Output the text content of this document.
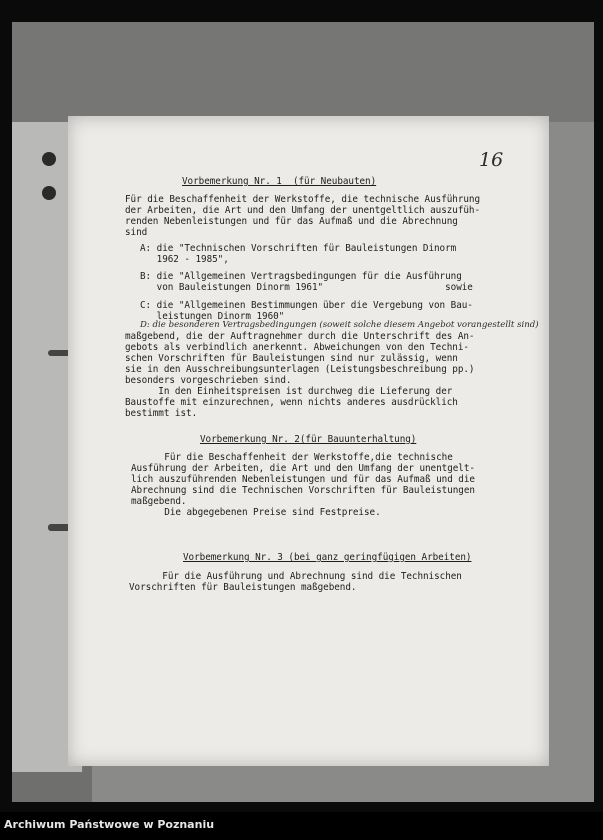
16
Vorbemerkung Nr. 1  (für Neubauten)
Für die Beschaffenheit der Werkstoffe, die technische Ausführung
der Arbeiten, die Art und den Umfang der unentgeltlich auszufüh-
renden Nebenleistungen und für das Aufmaß und die Abrechnung
sind
A: die "Technischen Vorschriften für Bauleistungen Dinorm
1962 - 1985",
B: die "Allgemeinen Vertragsbedingungen für die Ausführung
von Bauleistungen Dinorm 1961"                      sowie
C: die "Allgemeinen Bestimmungen über die Vergebung von Bau-
leistungen Dinorm 1960"
D: die besonderen Vertragsbedingungen (soweit solche diesem Angebot vorangestellt sind)
maßgebend, die der Auftragnehmer durch die Unterschrift des An-
gebots als verbindlich anerkennt. Abweichungen von den Techni-
schen Vorschriften für Bauleistungen sind nur zulässig, wenn
sie in den Ausschreibungsunterlagen (Leistungsbeschreibung pp.)
besonders vorgeschrieben sind.
In den Einheitspreisen ist durchweg die Lieferung der
Baustoffe mit einzurechnen, wenn nichts anderes ausdrücklich
bestimmt ist.
Vorbemerkung Nr. 2(für Bauunterhaltung)
Für die Beschaffenheit der Werkstoffe,die technische
Ausführung der Arbeiten, die Art und den Umfang der unentgelt-
lich auszuführenden Nebenleistungen und für das Aufmaß und die
Abrechnung sind die Technischen Vorschriften für Bauleistungen
maßgebend.
Die abgegebenen Preise sind Festpreise.
Vorbemerkung Nr. 3 (bei ganz geringfügigen Arbeiten)
Für die Ausführung und Abrechnung sind die Technischen
Vorschriften für Bauleistungen maßgebend.
Archiwum Państwowe w Poznaniu
